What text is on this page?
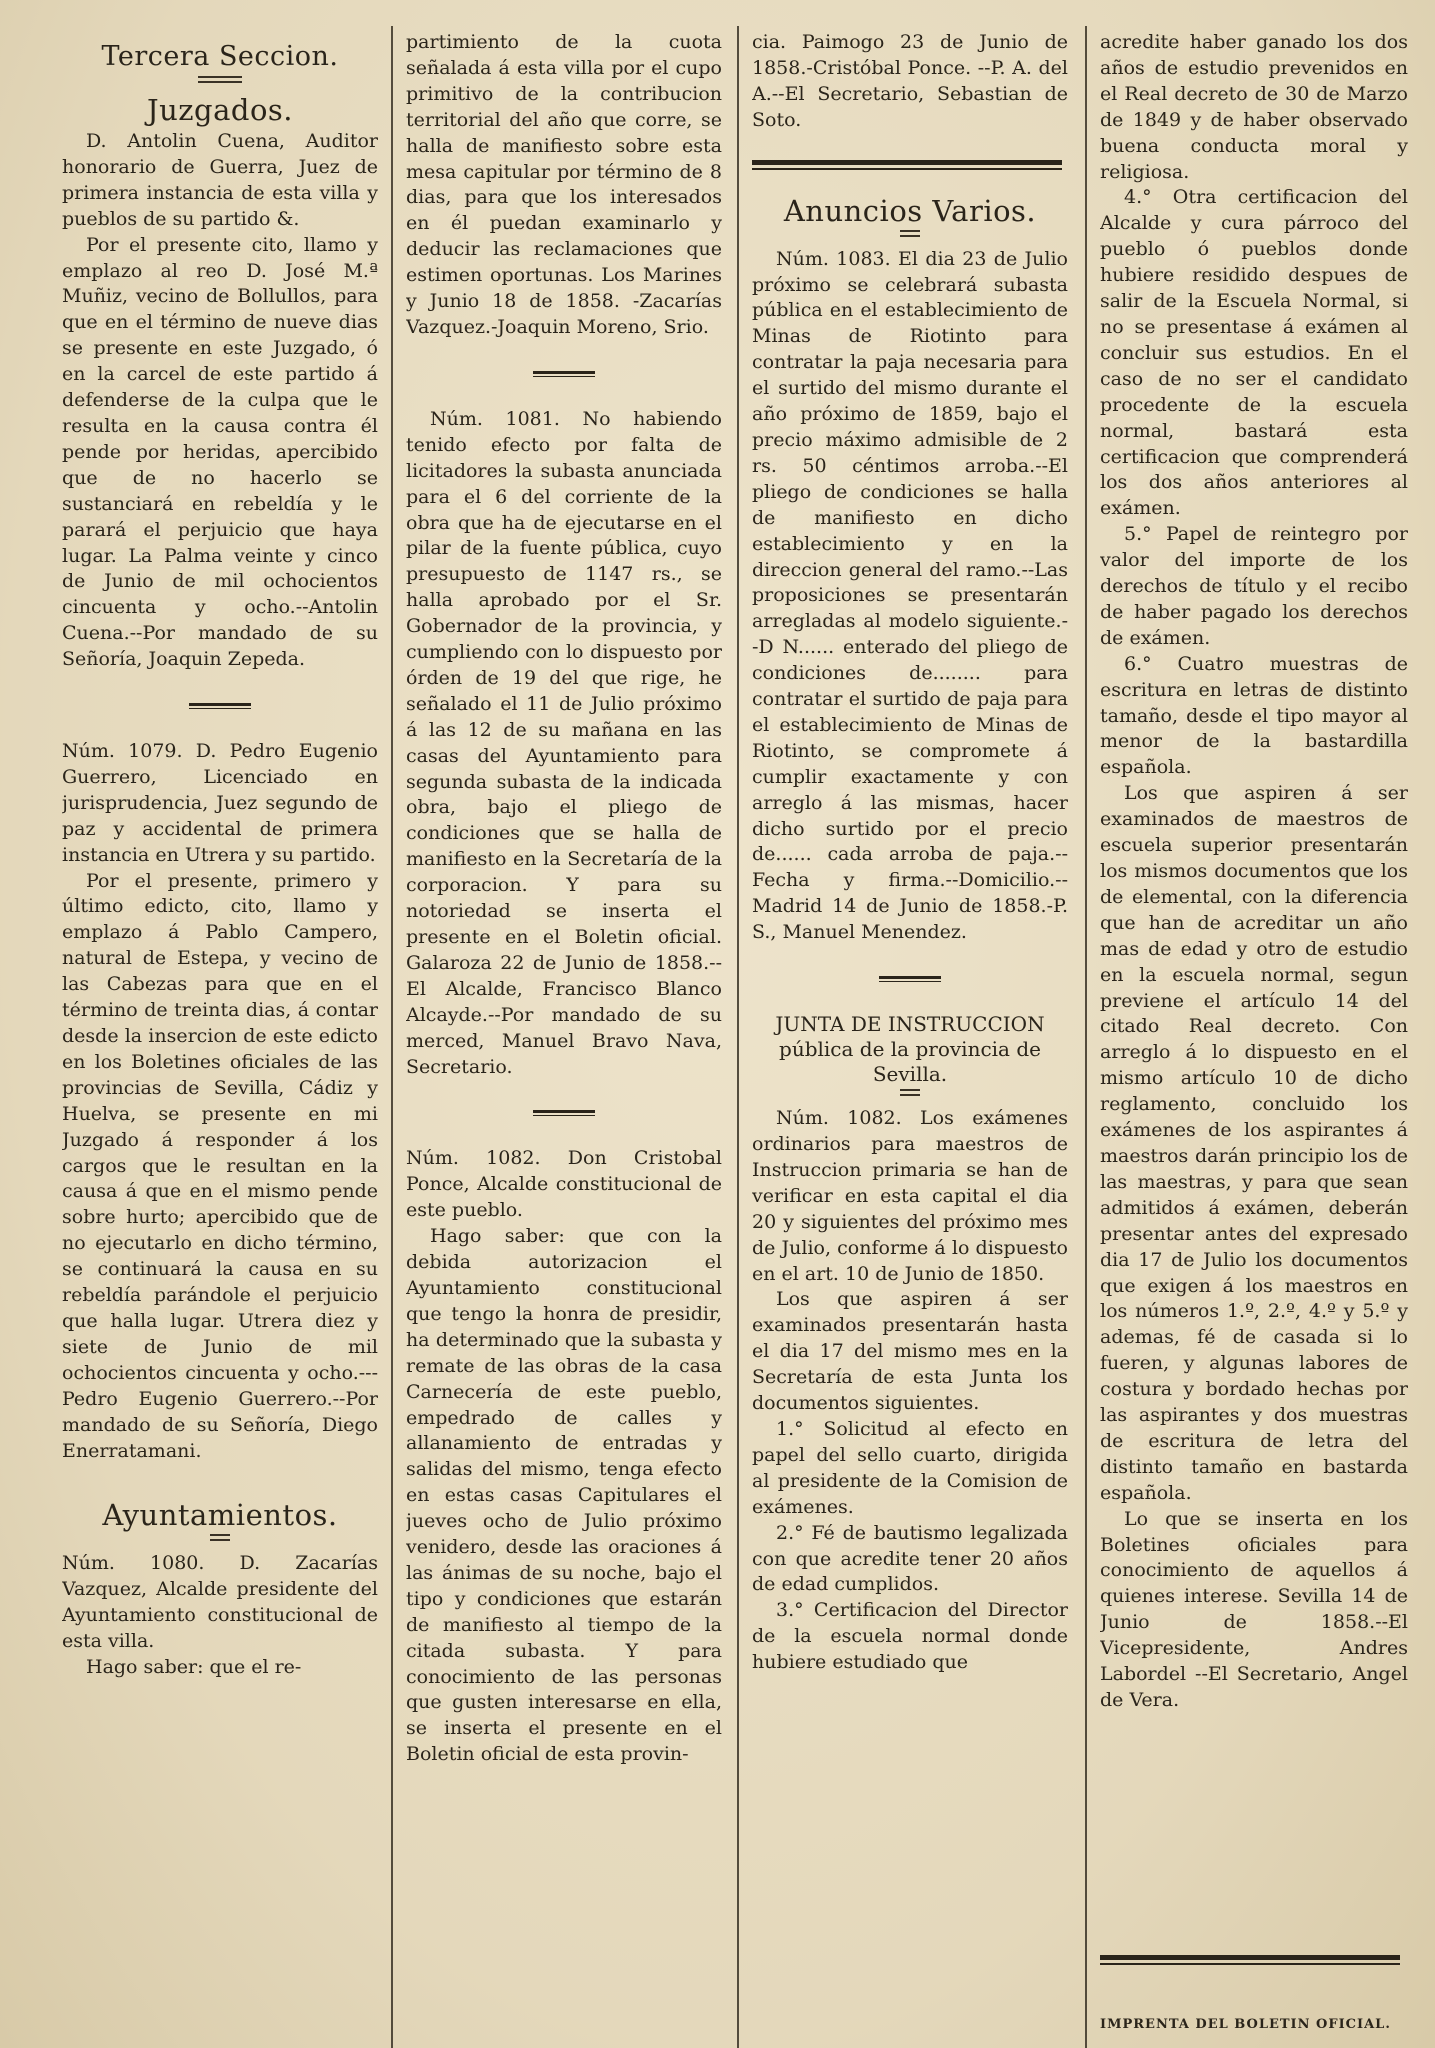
Tercera Seccion.
Juzgados.

D. Antolin Cuena, Auditor honorario de Guerra, Juez de primera instancia de esta villa y pueblos de su partido &.

Por el presente cito, llamo y emplazo al reo D. José M.ª Muñiz, vecino de Bollullos, para que en el término de nueve dias se presente en este Juzgado, ó en la carcel de este partido á defenderse de la culpa que le resulta en la causa contra él pende por heridas, apercibido que de no hacerlo se sustanciará en rebeldía y le parará el perjuicio que haya lugar. La Palma veinte y cinco de Junio de mil ochocientos cincuenta y ocho.--Antolin Cuena.--Por mandado de su Señoría, Joaquin Zepeda.

Núm. 1079. D. Pedro Eugenio Guerrero, Licenciado en jurisprudencia, Juez segundo de paz y accidental de primera instancia en Utrera y su partido.

Por el presente, primero y último edicto, cito, llamo y emplazo á Pablo Campero, natural de Estepa, y vecino de las Cabezas para que en el término de treinta dias, á contar desde la insercion de este edicto en los Boletines oficiales de las provincias de Sevilla, Cádiz y Huelva, se presente en mi Juzgado á responder á los cargos que le resultan en la causa á que en el mismo pende sobre hurto; apercibido que de no ejecutarlo en dicho término, se continuará la causa en su rebeldía parándole el perjuicio que halla lugar. Utrera diez y siete de Junio de mil ochocientos cincuenta y ocho.---Pedro Eugenio Guerrero.--Por mandado de su Señoría, Diego Enerratamani.

Ayuntamientos.

Núm. 1080. D. Zacarías Vazquez, Alcalde presidente del Ayuntamiento constitucional de esta villa.

Hago saber: que el re-

partimiento de la cuota señalada á esta villa por el cupo primitivo de la contribucion territorial del año que corre, se halla de manifiesto sobre esta mesa capitular por término de 8 dias, para que los interesados en él puedan examinarlo y deducir las reclamaciones que estimen oportunas. Los Marines y Junio 18 de 1858. -Zacarías Vazquez.-Joaquin Moreno, Srio.

Núm. 1081. No habiendo tenido efecto por falta de licitadores la subasta anunciada para el 6 del corriente de la obra que ha de ejecutarse en el pilar de la fuente pública, cuyo presupuesto de 1147 rs., se halla aprobado por el Sr. Gobernador de la provincia, y cumpliendo con lo dispuesto por órden de 19 del que rige, he señalado el 11 de Julio próximo á las 12 de su mañana en las casas del Ayuntamiento para segunda subasta de la indicada obra, bajo el pliego de condiciones que se halla de manifiesto en la Secretaría de la corporacion. Y para su notoriedad se inserta el presente en el Boletin oficial. Galaroza 22 de Junio de 1858.--El Alcalde, Francisco Blanco Alcayde.--Por mandado de su merced, Manuel Bravo Nava, Secretario.

Núm. 1082. Don Cristobal Ponce, Alcalde constitucional de este pueblo.

Hago saber: que con la debida autorizacion el Ayuntamiento constitucional que tengo la honra de presidir, ha determinado que la subasta y remate de las obras de la casa Carnecería de este pueblo, empedrado de calles y allanamiento de entradas y salidas del mismo, tenga efecto en estas casas Capitulares el jueves ocho de Julio próximo venidero, desde las oraciones á las ánimas de su noche, bajo el tipo y condiciones que estarán de manifiesto al tiempo de la citada subasta. Y para conocimiento de las personas que gusten interesarse en ella, se inserta el presente en el Boletin oficial de esta provin-

cia. Paimogo 23 de Junio de 1858.-Cristóbal Ponce. --P. A. del A.--El Secretario, Sebastian de Soto.

Anuncios Varios.

Núm. 1083. El dia 23 de Julio próximo se celebrará subasta pública en el establecimiento de Minas de Riotinto para contratar la paja necesaria para el surtido del mismo durante el año próximo de 1859, bajo el precio máximo admisible de 2 rs. 50 céntimos arroba.--El pliego de condiciones se halla de manifiesto en dicho establecimiento y en la direccion general del ramo.--Las proposiciones se presentarán arregladas al modelo siguiente.--D N...... enterado del pliego de condiciones de........ para contratar el surtido de paja para el establecimiento de Minas de Riotinto, se compromete á cumplir exactamente y con arreglo á las mismas, hacer dicho surtido por el precio de...... cada arroba de paja.--Fecha y firma.--Domicilio.--Madrid 14 de Junio de 1858.-P. S., Manuel Menendez.

JUNTA DE INSTRUCCION pública de la provincia de Sevilla.

Núm. 1082. Los exámenes ordinarios para maestros de Instruccion primaria se han de verificar en esta capital el dia 20 y siguientes del próximo mes de Julio, conforme á lo dispuesto en el art. 10 de Junio de 1850.

Los que aspiren á ser examinados presentarán hasta el dia 17 del mismo mes en la Secretaría de esta Junta los documentos siguientes.

1.° Solicitud al efecto en papel del sello cuarto, dirigida al presidente de la Comision de exámenes.

2.° Fé de bautismo legalizada con que acredite tener 20 años de edad cumplidos.

3.° Certificacion del Director de la escuela normal donde hubiere estudiado que

acredite haber ganado los dos años de estudio prevenidos en el Real decreto de 30 de Marzo de 1849 y de haber observado buena conducta moral y religiosa.

4.° Otra certificacion del Alcalde y cura párroco del pueblo ó pueblos donde hubiere residido despues de salir de la Escuela Normal, si no se presentase á exámen al concluir sus estudios. En el caso de no ser el candidato procedente de la escuela normal, bastará esta certificacion que comprenderá los dos años anteriores al exámen.

5.° Papel de reintegro por valor del importe de los derechos de título y el recibo de haber pagado los derechos de exámen.

6.° Cuatro muestras de escritura en letras de distinto tamaño, desde el tipo mayor al menor de la bastardilla española.

Los que aspiren á ser examinados de maestros de escuela superior presentarán los mismos documentos que los de elemental, con la diferencia que han de acreditar un año mas de edad y otro de estudio en la escuela normal, segun previene el artículo 14 del citado Real decreto. Con arreglo á lo dispuesto en el mismo artículo 10 de dicho reglamento, concluido los exámenes de los aspirantes á maestros darán principio los de las maestras, y para que sean admitidos á exámen, deberán presentar antes del expresado dia 17 de Julio los documentos que exigen á los maestros en los números 1.º, 2.º, 4.º y 5.º y ademas, fé de casada si lo fueren, y algunas labores de costura y bordado hechas por las aspirantes y dos muestras de escritura de letra del distinto tamaño en bastarda española.

Lo que se inserta en los Boletines oficiales para conocimiento de aquellos á quienes interese. Sevilla 14 de Junio de 1858.--El Vicepresidente, Andres Labordel --El Secretario, Angel de Vera.

IMPRENTA DEL BOLETIN OFICIAL.
